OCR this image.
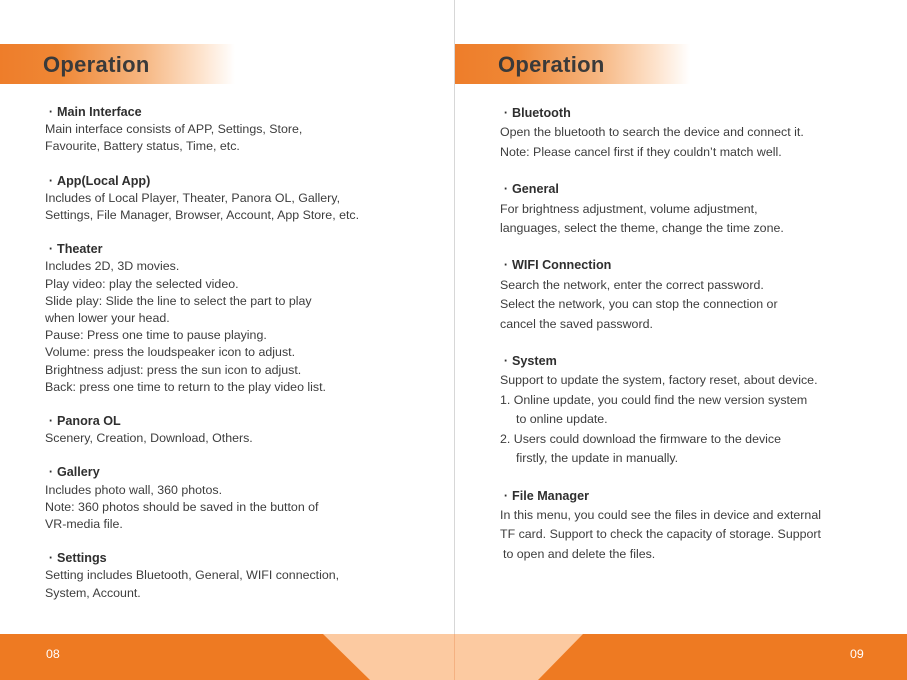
Operation
· Main Interface
Main interface consists of APP, Settings, Store,
Favourite, Battery status, Time, etc.
· App(Local App)
Includes of Local Player, Theater, Panora OL, Gallery,
Settings, File Manager, Browser, Account, App Store, etc.
· Theater
Includes 2D, 3D movies.
Play video: play the selected video.
Slide play: Slide the line to select the part to play
when lower your head.
Pause: Press one time to pause playing.
Volume: press the loudspeaker icon to adjust.
Brightness adjust: press the sun icon to adjust.
Back: press one time to return to the play video list.
· Panora OL
Scenery, Creation, Download, Others.
· Gallery
Includes photo wall, 360 photos.
Note: 360 photos should be saved in the button of
VR-media file.
· Settings
Setting includes Bluetooth, General, WIFI connection,
System, Account.
Operation
· Bluetooth
Open the bluetooth to search the device and connect it.
Note: Please cancel first if they couldn’t match well.
· General
For brightness adjustment, volume adjustment,
languages, select the theme, change the time zone.
· WIFI Connection
Search the network, enter the correct password.
Select the network, you can stop the connection or
cancel the saved password.
· System
Support to update the system, factory reset, about device.
1. Online update, you could find the new version system
to online update.
2. Users could download the firmware to the device
firstly, the update in manually.
· File Manager
In this menu, you could see the files in device and external
TF card. Support to check the capacity of storage. Support
to open and delete the files.
08	09
